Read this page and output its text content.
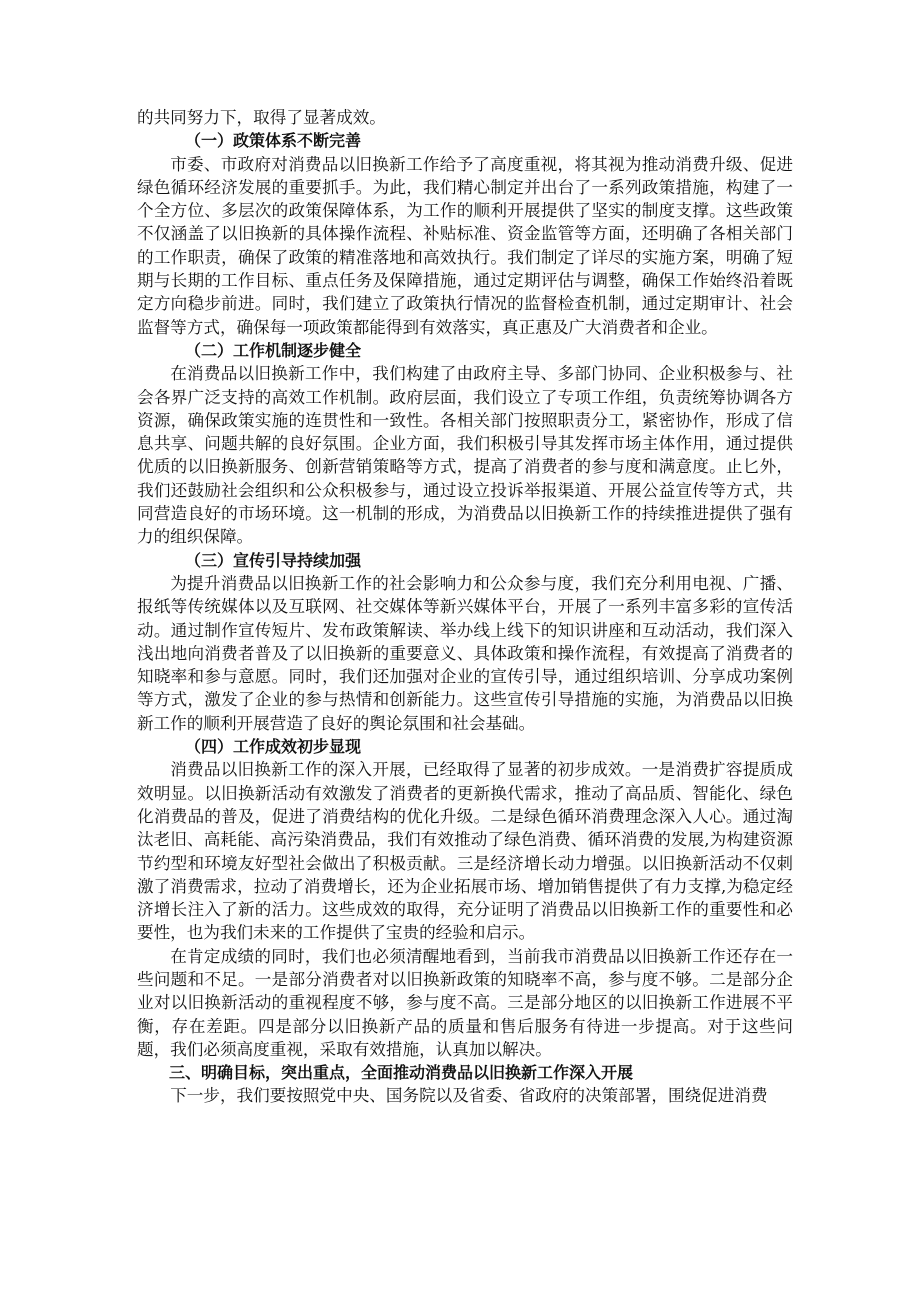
的共同努力下，取得了显著成效。

（一）政策体系不断完善

市委、市政府对消费品以旧换新工作给予了高度重视，将其视为推动消费升级、促进绿色循环经济发展的重要抓手。为此，我们精心制定并出台了一系列政策措施，构建了一个全方位、多层次的政策保障体系，为工作的顺利开展提供了坚实的制度支撑。这些政策不仅涵盖了以旧换新的具体操作流程、补贴标准、资金监管等方面，还明确了各相关部门的工作职责，确保了政策的精准落地和高效执行。我们制定了详尽的实施方案，明确了短期与长期的工作目标、重点任务及保障措施，通过定期评估与调整，确保工作始终沿着既定方向稳步前进。同时，我们建立了政策执行情况的监督检查机制，通过定期审计、社会监督等方式，确保每一项政策都能得到有效落实，真正惠及广大消费者和企业。

（二）工作机制逐步健全

在消费品以旧换新工作中，我们构建了由政府主导、多部门协同、企业积极参与、社会各界广泛支持的高效工作机制。政府层面，我们设立了专项工作组，负责统筹协调各方资源，确保政策实施的连贯性和一致性。各相关部门按照职责分工，紧密协作，形成了信息共享、问题共解的良好氛围。企业方面，我们积极引导其发挥市场主体作用，通过提供优质的以旧换新服务、创新营销策略等方式，提高了消费者的参与度和满意度。止匕外，我们还鼓励社会组织和公众积极参与，通过设立投诉举报渠道、开展公益宣传等方式，共同营造良好的市场环境。这一机制的形成，为消费品以旧换新工作的持续推进提供了强有力的组织保障。

（三）宣传引导持续加强

为提升消费品以旧换新工作的社会影响力和公众参与度，我们充分利用电视、广播、报纸等传统媒体以及互联网、社交媒体等新兴媒体平台，开展了一系列丰富多彩的宣传活动。通过制作宣传短片、发布政策解读、举办线上线下的知识讲座和互动活动，我们深入浅出地向消费者普及了以旧换新的重要意义、具体政策和操作流程，有效提高了消费者的知晓率和参与意愿。同时，我们还加强对企业的宣传引导，通过组织培训、分享成功案例等方式，激发了企业的参与热情和创新能力。这些宣传引导措施的实施，为消费品以旧换新工作的顺利开展营造了良好的舆论氛围和社会基础。

（四）工作成效初步显现

消费品以旧换新工作的深入开展，已经取得了显著的初步成效。一是消费扩容提质成效明显。以旧换新活动有效激发了消费者的更新换代需求，推动了高品质、智能化、绿色化消费品的普及，促进了消费结构的优化升级。二是绿色循环消费理念深入人心。通过淘汰老旧、高耗能、高污染消费品，我们有效推动了绿色消费、循环消费的发展,为构建资源节约型和环境友好型社会做出了积极贡献。三是经济增长动力增强。以旧换新活动不仅刺激了消费需求，拉动了消费增长，还为企业拓展市场、增加销售提供了有力支撑,为稳定经济增长注入了新的活力。这些成效的取得，充分证明了消费品以旧换新工作的重要性和必要性，也为我们未来的工作提供了宝贵的经验和启示。

在肯定成绩的同时，我们也必须清醒地看到，当前我市消费品以旧换新工作还存在一些问题和不足。一是部分消费者对以旧换新政策的知晓率不高，参与度不够。二是部分企业对以旧换新活动的重视程度不够，参与度不高。三是部分地区的以旧换新工作进展不平衡，存在差距。四是部分以旧换新产品的质量和售后服务有待进一步提高。对于这些问题，我们必须高度重视，采取有效措施，认真加以解决。

三、明确目标，突出重点，全面推动消费品以旧换新工作深入开展

下一步，我们要按照党中央、国务院以及省委、省政府的决策部署，围绕促进消费
